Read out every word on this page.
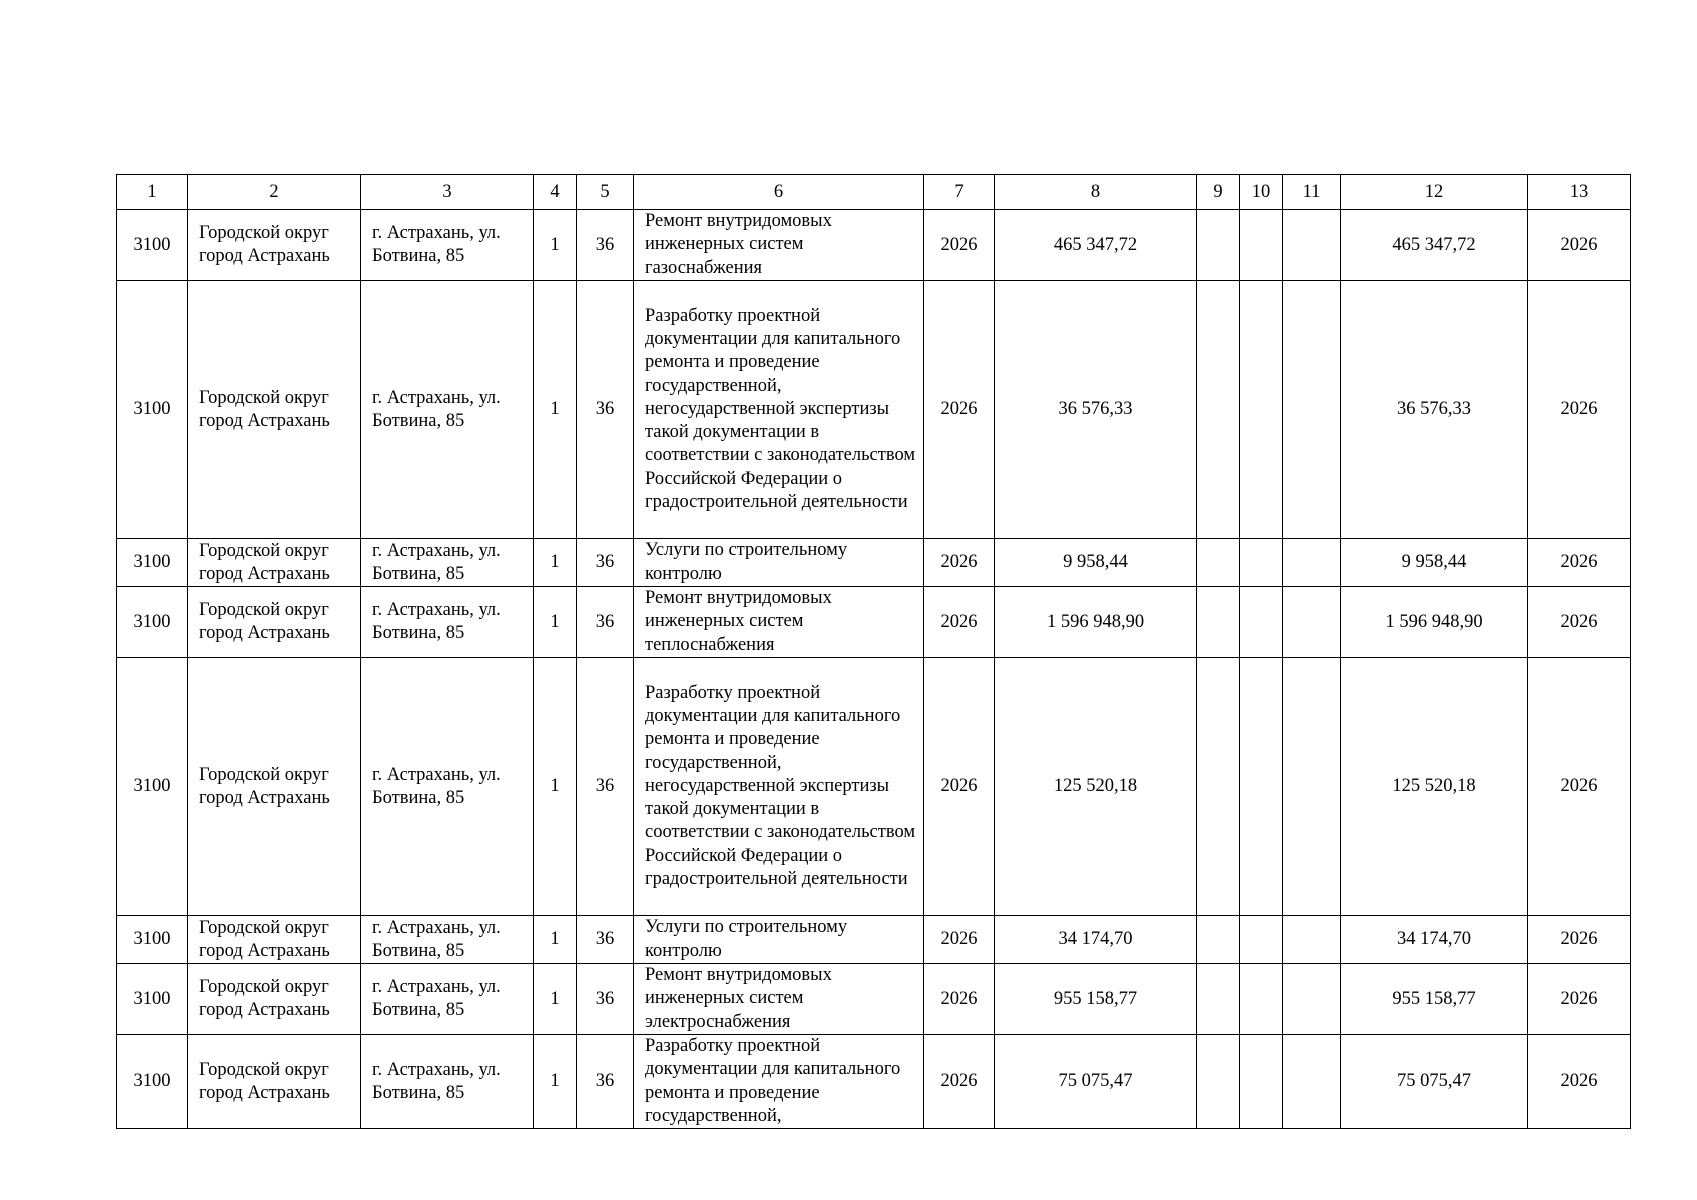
1	2	3	4	5	6	7	8	9	10	11	12	13

3100	Городской округ город Астрахань	г. Астрахань, ул. Ботвина, 85	1	36	Ремонт внутридомовых инженерных систем газоснабжения	2026	465 347,72				465 347,72	2026

3100	Городской округ город Астрахань	г. Астрахань, ул. Ботвина, 85	1	36	Разработку проектной документации для капитального ремонта и проведение государственной, негосударственной экспертизы такой документации в соответствии с законодательством Российской Федерации о градостроительной деятельности	2026	36 576,33				36 576,33	2026

3100	Городской округ город Астрахань	г. Астрахань, ул. Ботвина, 85	1	36	Услуги по строительному контролю	2026	9 958,44				9 958,44	2026

3100	Городской округ город Астрахань	г. Астрахань, ул. Ботвина, 85	1	36	Ремонт внутридомовых инженерных систем теплоснабжения	2026	1 596 948,90				1 596 948,90	2026

3100	Городской округ город Астрахань	г. Астрахань, ул. Ботвина, 85	1	36	Разработку проектной документации для капитального ремонта и проведение государственной, негосударственной экспертизы такой документации в соответствии с законодательством Российской Федерации о градостроительной деятельности	2026	125 520,18				125 520,18	2026

3100	Городской округ город Астрахань	г. Астрахань, ул. Ботвина, 85	1	36	Услуги по строительному контролю	2026	34 174,70				34 174,70	2026

3100	Городской округ город Астрахань	г. Астрахань, ул. Ботвина, 85	1	36	Ремонт внутридомовых инженерных систем электроснабжения	2026	955 158,77				955 158,77	2026

3100	Городской округ город Астрахань	г. Астрахань, ул. Ботвина, 85	1	36	Разработку проектной документации для капитального ремонта и проведение государственной,	2026	75 075,47				75 075,47	2026
